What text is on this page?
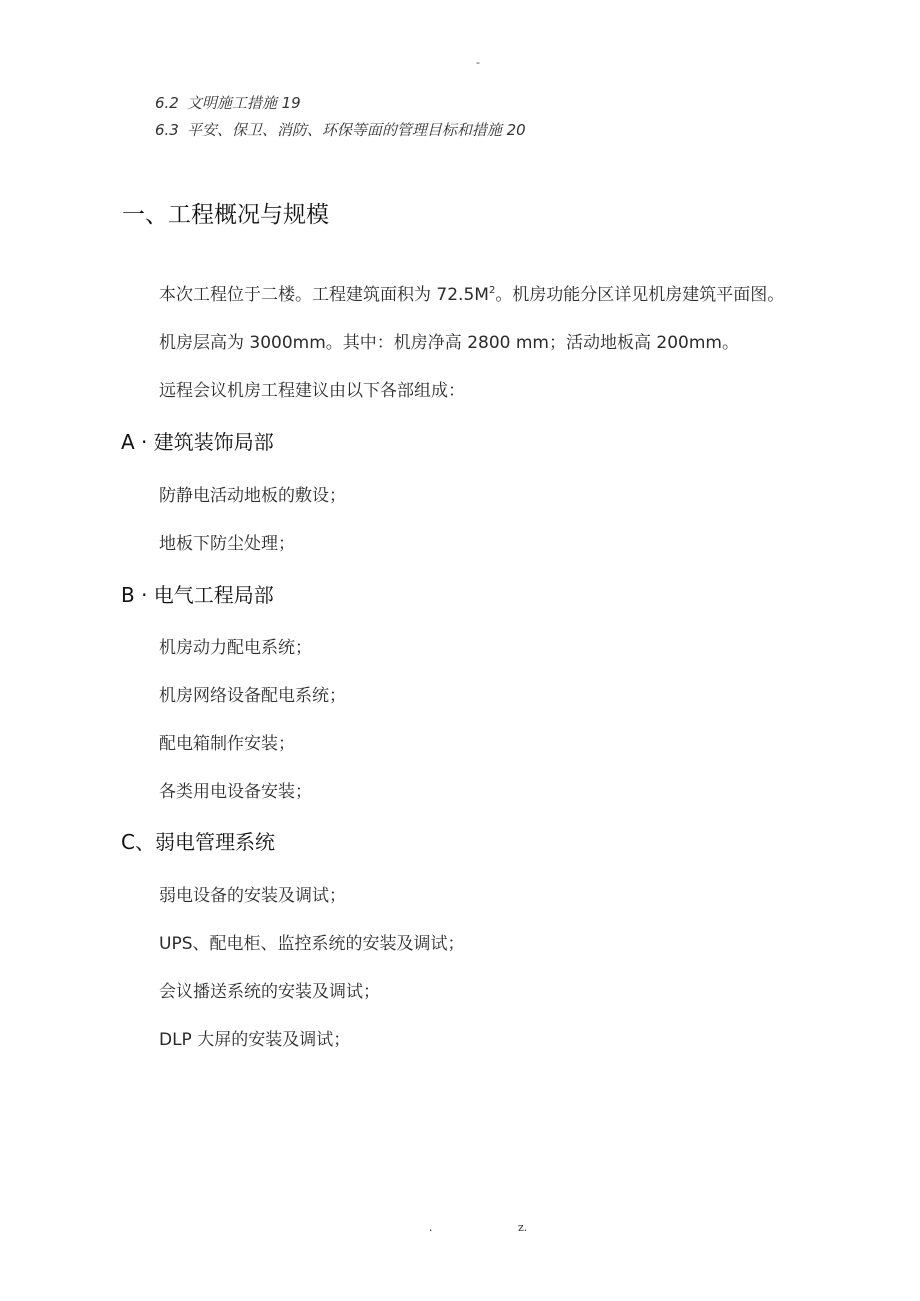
-
6.2 文明施工措施 19
6.3 平安、保卫、消防、环保等面的管理目标和措施 20
一、工程概况与规模
本次工程位于二楼。工程建筑面积为 $72.5M^2$。机房功能分区详见机房建筑平面图。
机房层高为 3000mm。其中：机房净高 2800 mm；活动地板高 200mm。
远程会议机房工程建议由以下各部组成：
A · 建筑装饰局部
防静电活动地板的敷设；
地板下防尘处理；
B · 电气工程局部
机房动力配电系统；
机房网络设备配电系统；
配电箱制作安装；
各类用电设备安装；
C、弱电管理系统
弱电设备的安装及调试；
UPS、配电柜、监控系统的安装及调试；
会议播送系统的安装及调试；
DLP 大屏的安装及调试；
.	z.
